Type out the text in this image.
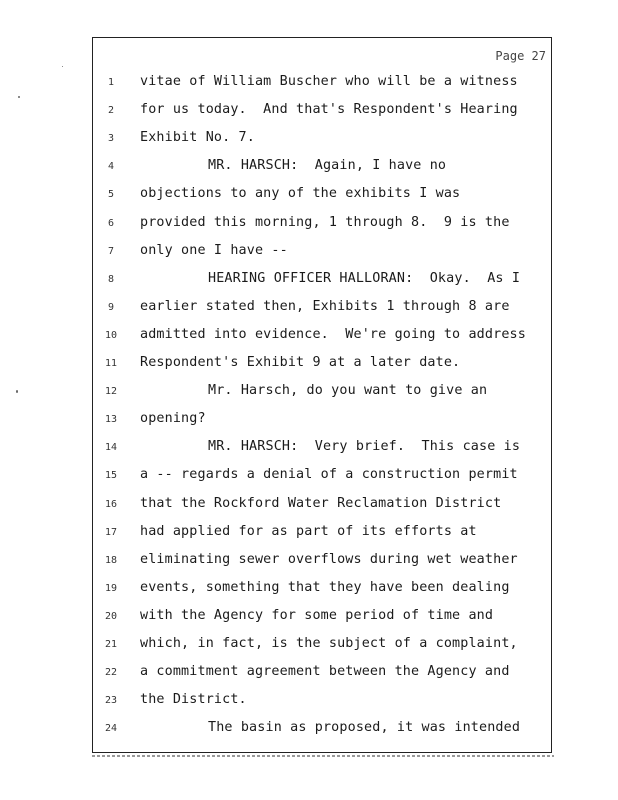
Page 27
1	vitae of William Buscher who will be a witness
2	for us today.  And that's Respondent's Hearing
3	Exhibit No. 7.
4	MR. HARSCH:  Again, I have no
5	objections to any of the exhibits I was
6	provided this morning, 1 through 8.  9 is the
7	only one I have --
8	HEARING OFFICER HALLORAN:  Okay.  As I
9	earlier stated then, Exhibits 1 through 8 are
10	admitted into evidence.  We're going to address
11	Respondent's Exhibit 9 at a later date.
12	Mr. Harsch, do you want to give an
13	opening?
14	MR. HARSCH:  Very brief.  This case is
15	a -- regards a denial of a construction permit
16	that the Rockford Water Reclamation District
17	had applied for as part of its efforts at
18	eliminating sewer overflows during wet weather
19	events, something that they have been dealing
20	with the Agency for some period of time and
21	which, in fact, is the subject of a complaint,
22	a commitment agreement between the Agency and
23	the District.
24	The basin as proposed, it was intended
